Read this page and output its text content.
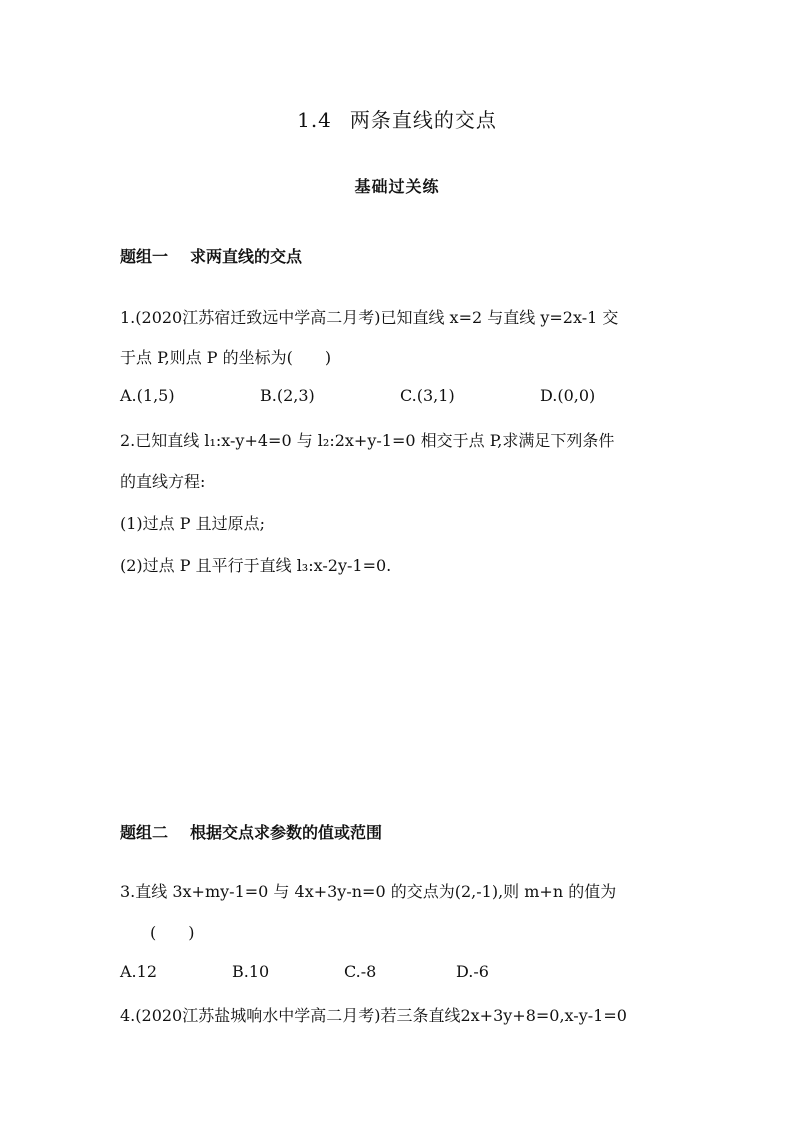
1.4 两条直线的交点
基础过关练
题组一 求两直线的交点
1.(2020江苏宿迁致远中学高二月考)已知直线 x=2 与直线 y=2x-1 交
于点 P,则点 P 的坐标为(　　)
A.(1,5)	B.(2,3)	C.(3,1)	D.(0,0)
2.已知直线 l₁:x-y+4=0 与 l₂:2x+y-1=0 相交于点 P,求满足下列条件
的直线方程:
(1)过点 P 且过原点;
(2)过点 P 且平行于直线 l₃:x-2y-1=0.
题组二 根据交点求参数的值或范围
3.直线 3x+my-1=0 与 4x+3y-n=0 的交点为(2,-1),则 m+n 的值为
(　　)
A.12	B.10	C.-8	D.-6
4.(2020江苏盐城响水中学高二月考)若三条直线2x+3y+8=0,x-y-1=0
